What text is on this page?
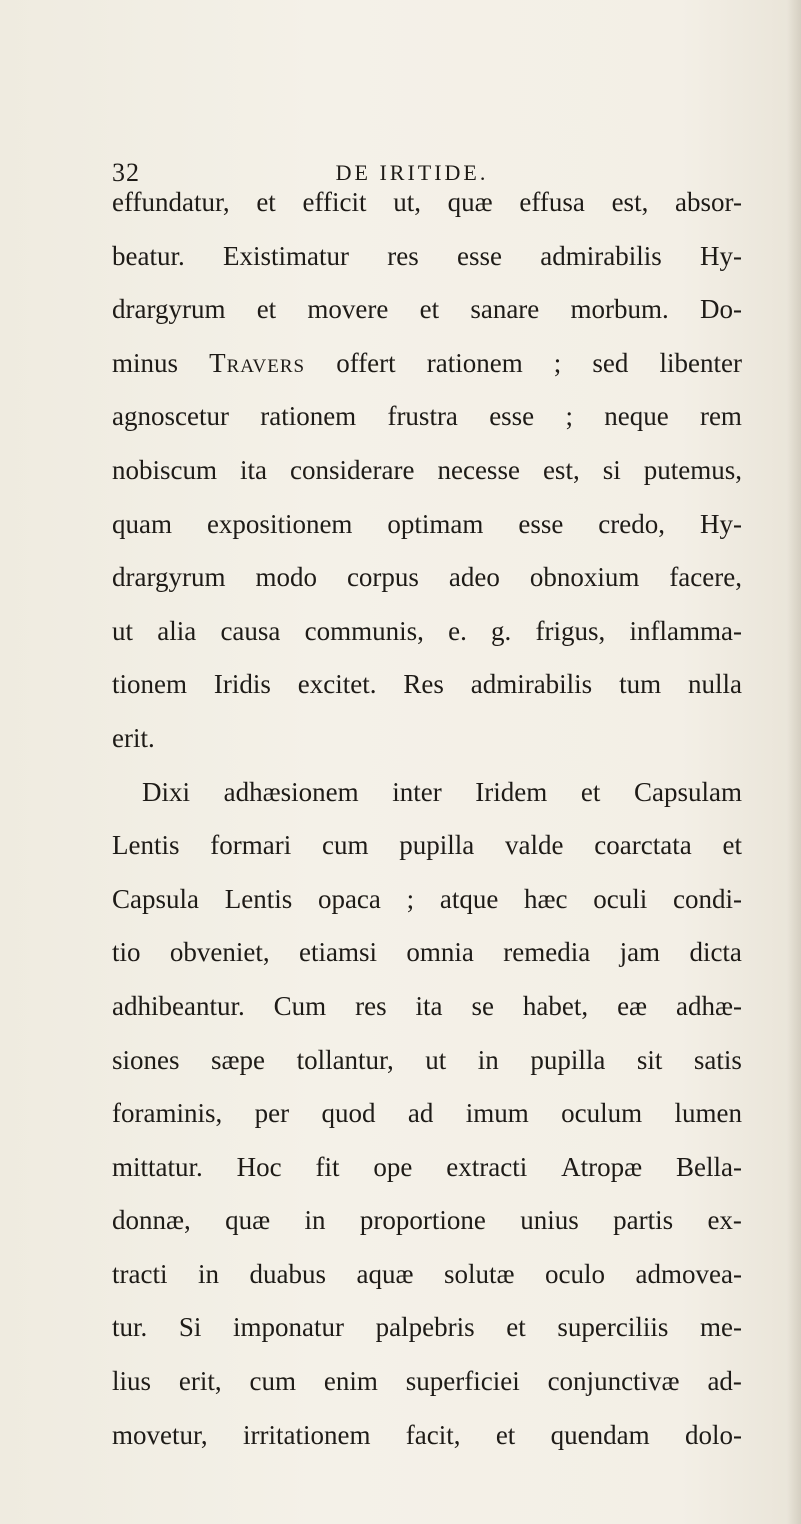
32	DE IRITIDE.
effundatur, et efficit ut, quæ effusa est, absor-
beatur. Existimatur res esse admirabilis Hy-
drargyrum et movere et sanare morbum. Do-
minus Travers offert rationem ; sed libenter
agnoscetur rationem frustra esse ; neque rem
nobiscum ita considerare necesse est, si putemus,
quam expositionem optimam esse credo, Hy-
drargyrum modo corpus adeo obnoxium facere,
ut alia causa communis, e. g. frigus, inflamma-
tionem Iridis excitet. Res admirabilis tum nulla
erit.
Dixi adhæsionem inter Iridem et Capsulam
Lentis formari cum pupilla valde coarctata et
Capsula Lentis opaca ; atque hæc oculi condi-
tio obveniet, etiamsi omnia remedia jam dicta
adhibeantur. Cum res ita se habet, eæ adhæ-
siones sæpe tollantur, ut in pupilla sit satis
foraminis, per quod ad imum oculum lumen
mittatur. Hoc fit ope extracti Atropæ Bella-
donnæ, quæ in proportione unius partis ex-
tracti in duabus aquæ solutæ oculo admovea-
tur. Si imponatur palpebris et superciliis me-
lius erit, cum enim superficiei conjunctivæ ad-
movetur, irritationem facit, et quendam dolo-
